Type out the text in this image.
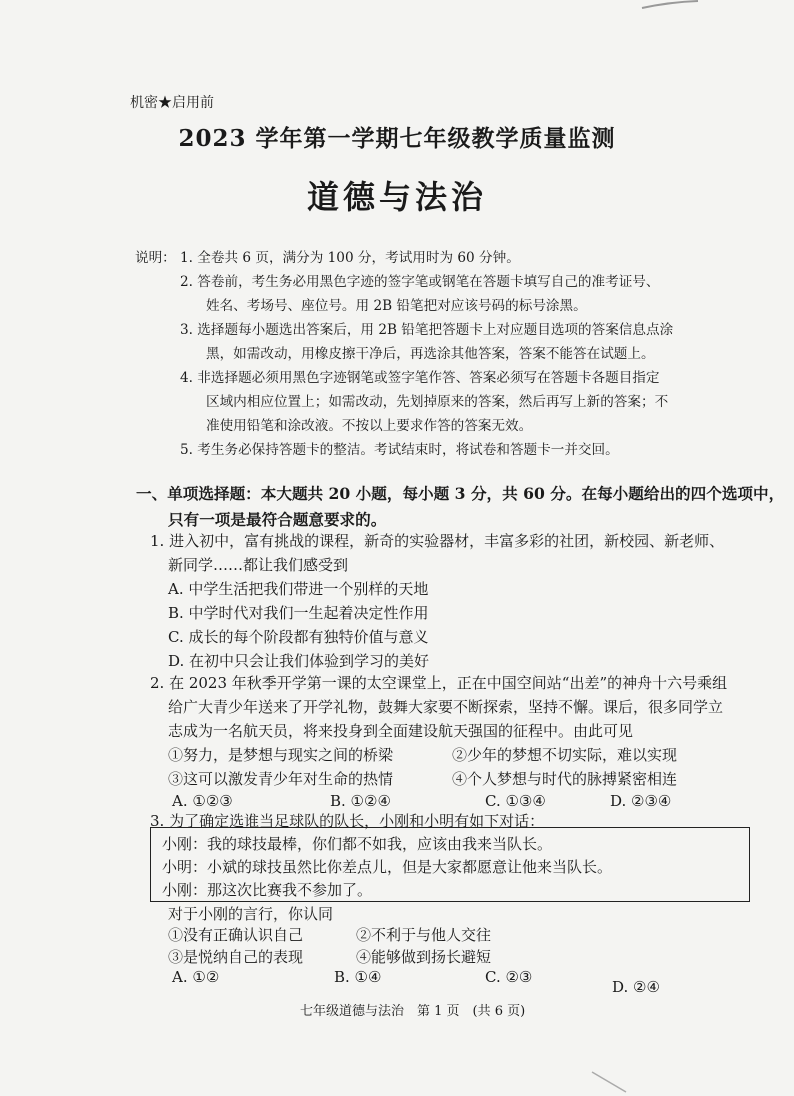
机密★启用前
2023 学年第一学期七年级教学质量监测
道德与法治
说明： 1. 全卷共 6 页，满分为 100 分，考试用时为 60 分钟。
2. 答卷前，考生务必用黑色字迹的签字笔或钢笔在答题卡填写自己的准考证号、
姓名、考场号、座位号。用 2B 铅笔把对应该号码的标号涂黑。
3. 选择题每小题选出答案后，用 2B 铅笔把答题卡上对应题目选项的答案信息点涂
黑，如需改动，用橡皮擦干净后，再选涂其他答案，答案不能答在试题上。
4. 非选择题必须用黑色字迹钢笔或签字笔作答、答案必须写在答题卡各题目指定
区域内相应位置上；如需改动，先划掉原来的答案，然后再写上新的答案；不
准使用铅笔和涂改液。不按以上要求作答的答案无效。
5. 考生务必保持答题卡的整洁。考试结束时，将试卷和答题卡一并交回。
一、单项选择题：本大题共 20 小题，每小题 3 分，共 60 分。在每小题给出的四个选项中，
只有一项是最符合题意要求的。
1. 进入初中，富有挑战的课程，新奇的实验器材，丰富多彩的社团，新校园、新老师、
新同学……都让我们感受到
A. 中学生活把我们带进一个别样的天地
B. 中学时代对我们一生起着决定性作用
C. 成长的每个阶段都有独特价值与意义
D. 在初中只会让我们体验到学习的美好
2. 在 2023 年秋季开学第一课的太空课堂上，正在中国空间站“出差”的神舟十六号乘组
给广大青少年送来了开学礼物，鼓舞大家要不断探索，坚持不懈。课后，很多同学立
志成为一名航天员，将来投身到全面建设航天强国的征程中。由此可见
①努力，是梦想与现实之间的桥梁	②少年的梦想不切实际，难以实现
③这可以激发青少年对生命的热情	④个人梦想与时代的脉搏紧密相连
A. ①②③	B. ①②④	C. ①③④	D. ②③④
3. 为了确定选谁当足球队的队长，小刚和小明有如下对话：
小刚：我的球技最棒，你们都不如我，应该由我来当队长。
小明：小斌的球技虽然比你差点儿，但是大家都愿意让他来当队长。
小刚：那这次比赛我不参加了。
对于小刚的言行，你认同
①没有正确认识自己	②不利于与他人交往
③是悦纳自己的表现	④能够做到扬长避短
A. ①②	B. ①④	C. ②③
D. ②④
七年级道德与法治　第 1 页　(共 6 页)
